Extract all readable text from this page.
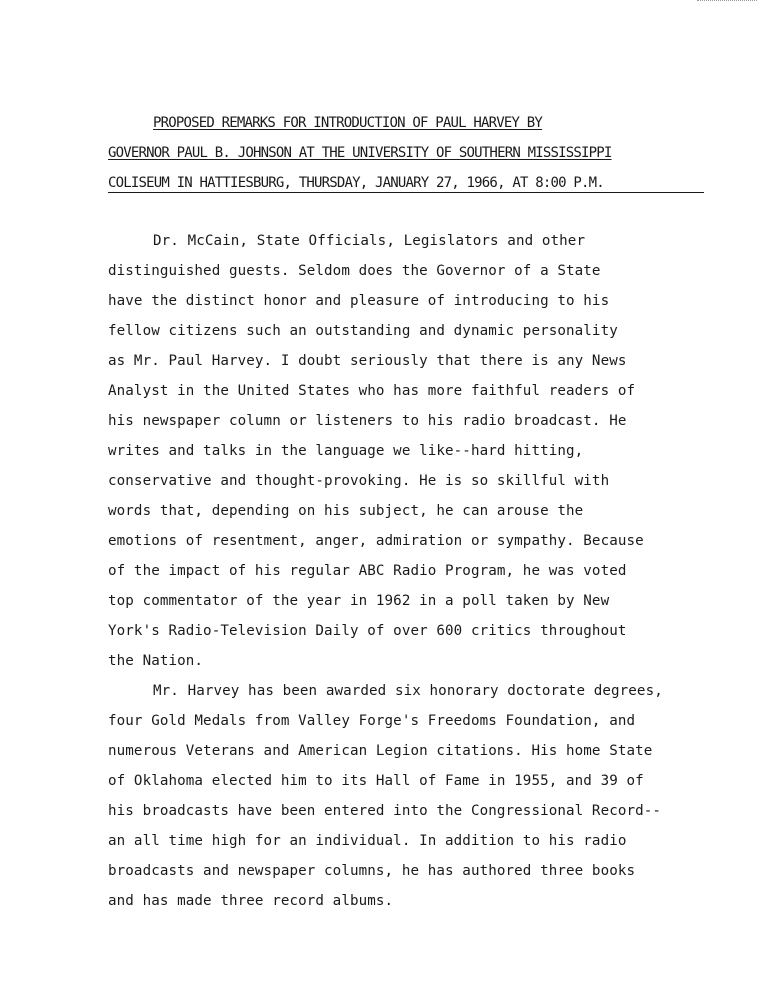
PROPOSED REMARKS FOR INTRODUCTION OF PAUL HARVEY BY
GOVERNOR PAUL B. JOHNSON AT THE UNIVERSITY OF SOUTHERN MISSISSIPPI
COLISEUM IN HATTIESBURG, THURSDAY, JANUARY 27, 1966, AT 8:00 P.M.
Dr. McCain, State Officials, Legislators and other
distinguished guests. Seldom does the Governor of a State
have the distinct honor and pleasure of introducing to his
fellow citizens such an outstanding and dynamic personality
as Mr. Paul Harvey. I doubt seriously that there is any News
Analyst in the United States who has more faithful readers of
his newspaper column or listeners to his radio broadcast. He
writes and talks in the language we like--hard hitting,
conservative and thought-provoking. He is so skillful with
words that, depending on his subject, he can arouse the
emotions of resentment, anger, admiration or sympathy. Because
of the impact of his regular ABC Radio Program, he was voted
top commentator of the year in 1962 in a poll taken by New
York's Radio-Television Daily of over 600 critics throughout
the Nation.
Mr. Harvey has been awarded six honorary doctorate degrees,
four Gold Medals from Valley Forge's Freedoms Foundation, and
numerous Veterans and American Legion citations. His home State
of Oklahoma elected him to its Hall of Fame in 1955, and 39 of
his broadcasts have been entered into the Congressional Record--
an all time high for an individual. In addition to his radio
broadcasts and newspaper columns, he has authored three books
and has made three record albums.
